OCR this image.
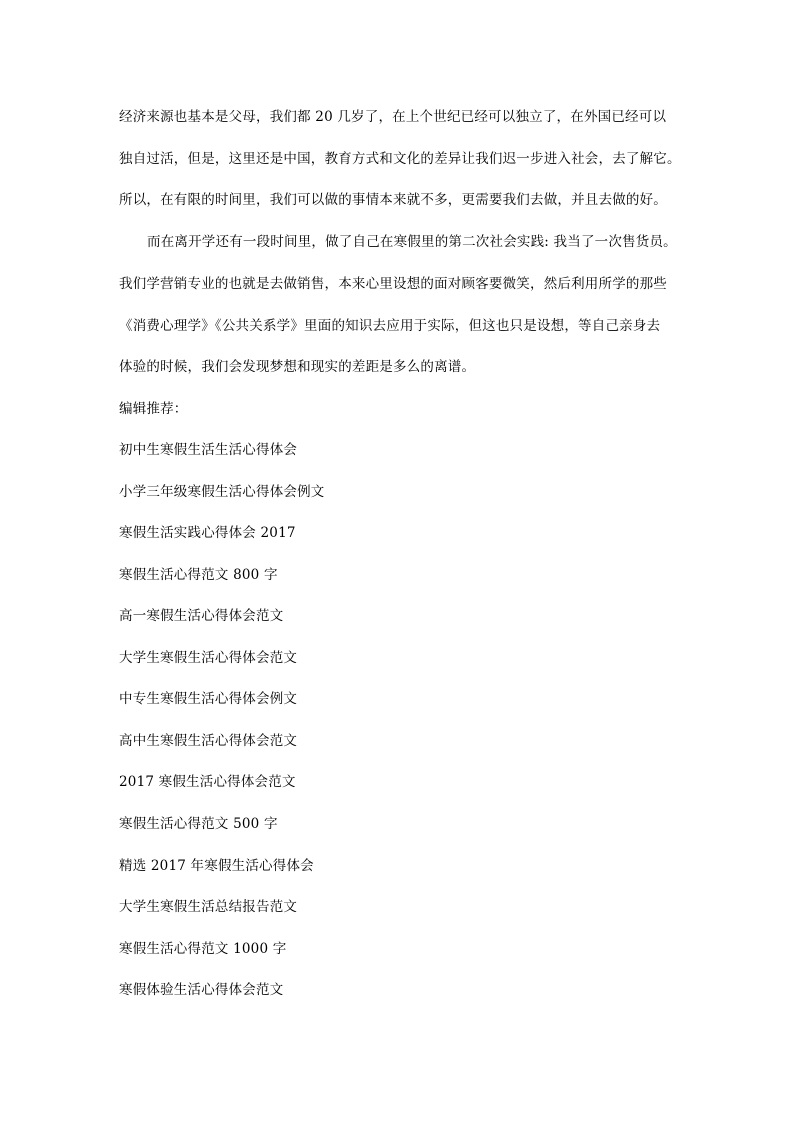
经济来源也基本是父母，我们都 20 几岁了，在上个世纪已经可以独立了，在外国已经可以
独自过活，但是，这里还是中国，教育方式和文化的差异让我们迟一步进入社会，去了解它。
所以，在有限的时间里，我们可以做的事情本来就不多，更需要我们去做，并且去做的好。
而在离开学还有一段时间里，做了自己在寒假里的第二次社会实践: 我当了一次售货员。
我们学营销专业的也就是去做销售，本来心里设想的面对顾客要微笑，然后利用所学的那些
《消费心理学》《公共关系学》里面的知识去应用于实际，但这也只是设想，等自己亲身去
体验的时候，我们会发现梦想和现实的差距是多么的离谱。
编辑推荐：
初中生寒假生活生活心得体会
小学三年级寒假生活心得体会例文
寒假生活实践心得体会 2017
寒假生活心得范文 800 字
高一寒假生活心得体会范文
大学生寒假生活心得体会范文
中专生寒假生活心得体会例文
高中生寒假生活心得体会范文
2017 寒假生活心得体会范文
寒假生活心得范文 500 字
精选 2017 年寒假生活心得体会
大学生寒假生活总结报告范文
寒假生活心得范文 1000 字
寒假体验生活心得体会范文
